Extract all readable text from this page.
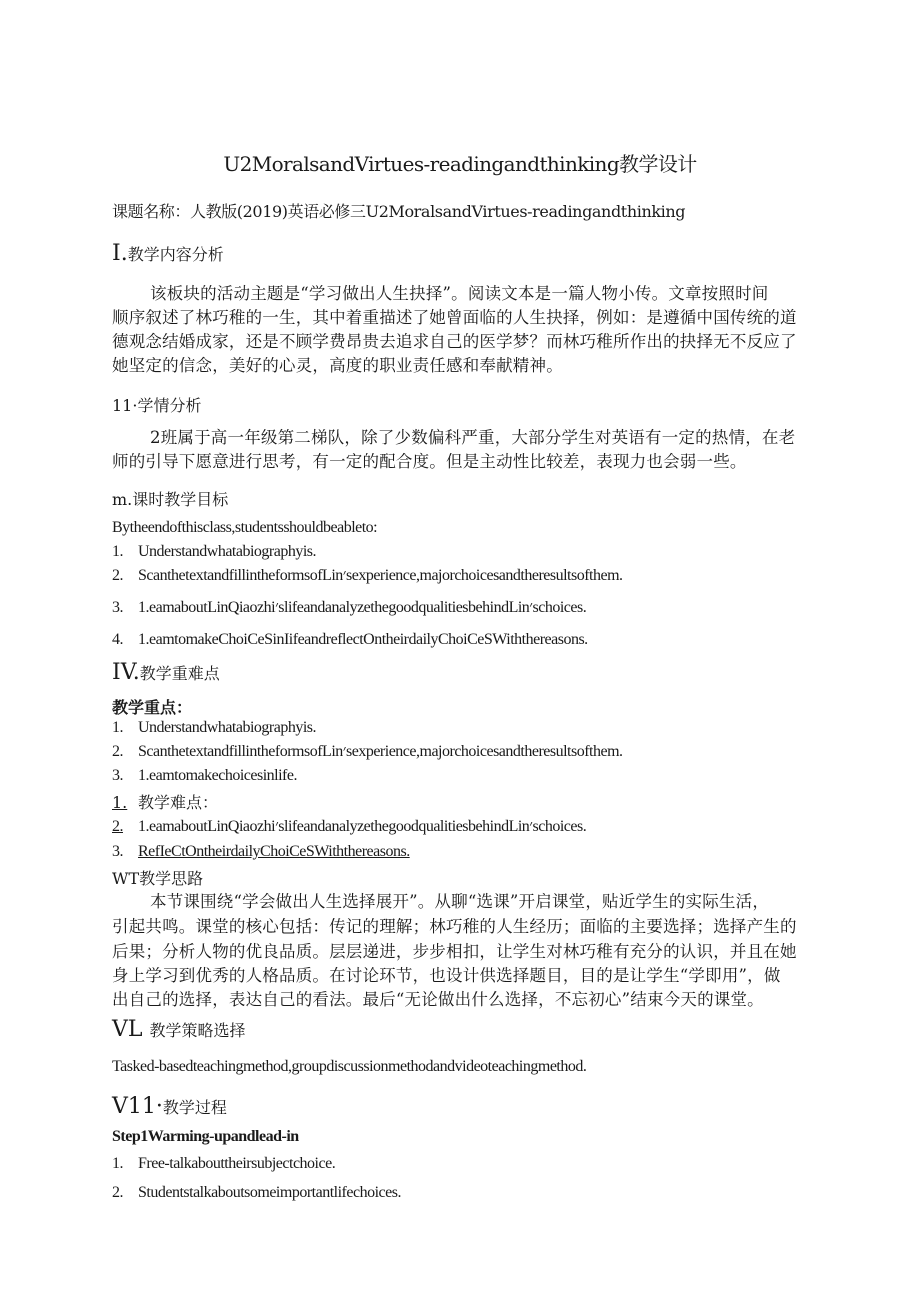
U2MoralsandVirtues-readingandthinking教学设计
课题名称：人教版(2019)英语必修三U2MoralsandVirtues-readingandthinking
I.教学内容分析
该板块的活动主题是“学习做出人生抉择”。阅读文本是一篇人物小传。文章按照时间
顺序叙述了林巧稚的一生，其中着重描述了她曾面临的人生抉择，例如：是遵循中国传统的道
德观念结婚成家，还是不顾学费昂贵去追求自己的医学梦？而林巧稚所作出的抉择无不反应了
她坚定的信念，美好的心灵，高度的职业责任感和奉献精神。
11·学情分析
2班属于高一年级第二梯队，除了少数偏科严重，大部分学生对英语有一定的热情，在老
师的引导下愿意进行思考，有一定的配合度。但是主动性比较差，表现力也会弱一些。
m.课时教学目标
Bytheendofthisclass,studentsshouldbeableto:
1. Understandwhatabiographyis.
2. ScanthetextandfillintheformsofLin׳sexperience,majorchoicesandtheresultsofthem.
3. 1.eamaboutLinQiaozhi׳slifeandanalyzethegoodqualitiesbehindLin׳schoices.
4. 1.eamtomakeChoiCeSinIifeandreflectOntheirdailyChoiCeSWiththereasons.
IV.教学重难点
教学重点：
1. Understandwhatabiographyis.
2. ScanthetextandfillintheformsofLin׳sexperience,majorchoicesandtheresultsofthem.
3. 1.eamtomakechoicesinlife.
1. 教学难点：
2. 1.eamaboutLinQiaozhi׳slifeandanalyzethegoodqualitiesbehindLin׳schoices.
3. RefIeCtOntheirdailyChoiCeSWiththereasons.
WT教学思路
本节课围绕“学会做出人生选择展开”。从聊“选课”开启课堂，贴近学生的实际生活，
引起共鸣。课堂的核心包括：传记的理解；林巧稚的人生经历；面临的主要选择；选择产生的
后果；分析人物的优良品质。层层递进，步步相扣，让学生对林巧稚有充分的认识，并且在她
身上学习到优秀的人格品质。在讨论环节，也设计供选择题目，目的是让学生“学即用”，做
出自己的选择，表达自己的看法。最后“无论做出什么选择，不忘初心”结束今天的课堂。
VL 教学策略选择
Tasked-basedteachingmethod,groupdiscussionmethodandvideoteachingmethod.
V11·教学过程
Step1Warming-upandlead-in
1. Free-talkabouttheirsubjectchoice.
2. Studentstalkaboutsomeimportantlifechoices.
